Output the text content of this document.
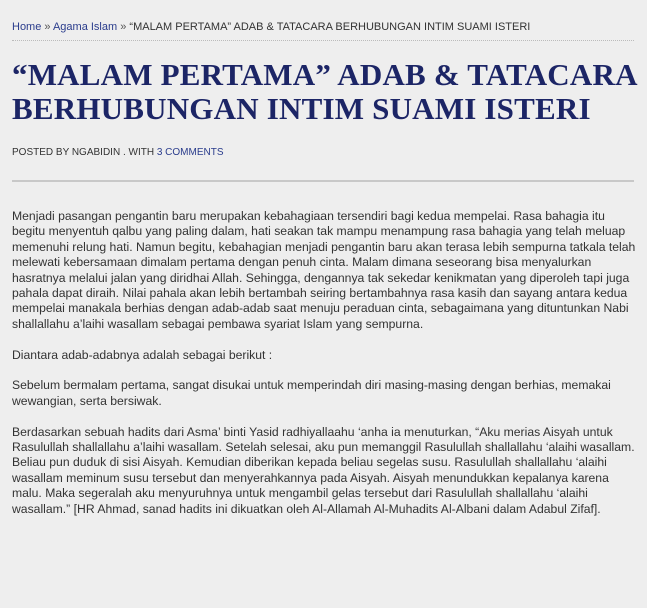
Home » Agama Islam » “MALAM PERTAMA” ADAB & TATACARA BERHUBUNGAN INTIM SUAMI ISTERI
“MALAM PERTAMA” ADAB & TATACARA BERHUBUNGAN INTIM SUAMI ISTERI
POSTED BY NGABIDIN . WITH 3 COMMENTS

Menjadi pasangan pengantin baru merupakan kebahagiaan tersendiri bagi kedua mempelai. Rasa bahagia itu begitu menyentuh qalbu yang paling dalam, hati seakan tak mampu menampung rasa bahagia yang telah meluap memenuhi relung hati. Namun begitu, kebahagian menjadi pengantin baru akan terasa lebih sempurna tatkala telah melewati kebersamaan dimalam pertama dengan penuh cinta. Malam dimana seseorang bisa menyalurkan hasratnya melalui jalan yang diridhai Allah. Sehingga, dengannya tak sekedar kenikmatan yang diperoleh tapi juga pahala dapat diraih. Nilai pahala akan lebih bertambah seiring bertambahnya rasa kasih dan sayang antara kedua mempelai manakala berhias dengan adab-adab saat menuju peraduan cinta, sebagaimana yang dituntunkan Nabi shallallahu a’laihi wasallam sebagai pembawa syariat Islam yang sempurna.

Diantara adab-adabnya adalah sebagai berikut :

Sebelum bermalam pertama, sangat disukai untuk memperindah diri masing-masing dengan berhias, memakai wewangian, serta bersiwak.

Berdasarkan sebuah hadits dari Asma’ binti Yasid radhiyallaahu ‘anha ia menuturkan, “Aku merias Aisyah untuk Rasulullah shallallahu a’laihi wasallam. Setelah selesai, aku pun memanggil Rasulullah shallallahu ‘alaihi wasallam. Beliau pun duduk di sisi Aisyah. Kemudian diberikan kepada beliau segelas susu. Rasulullah shallallahu ‘alaihi wasallam meminum susu tersebut dan menyerahkannya pada Aisyah. Aisyah menundukkan kepalanya karena malu. Maka segeralah aku menyuruhnya untuk mengambil gelas tersebut dari Rasulullah shallallahu ‘alaihi wasallam.” [HR Ahmad, sanad hadits ini dikuatkan oleh Al-Allamah Al-Muhadits Al-Albani dalam Adabul Zifaf].
